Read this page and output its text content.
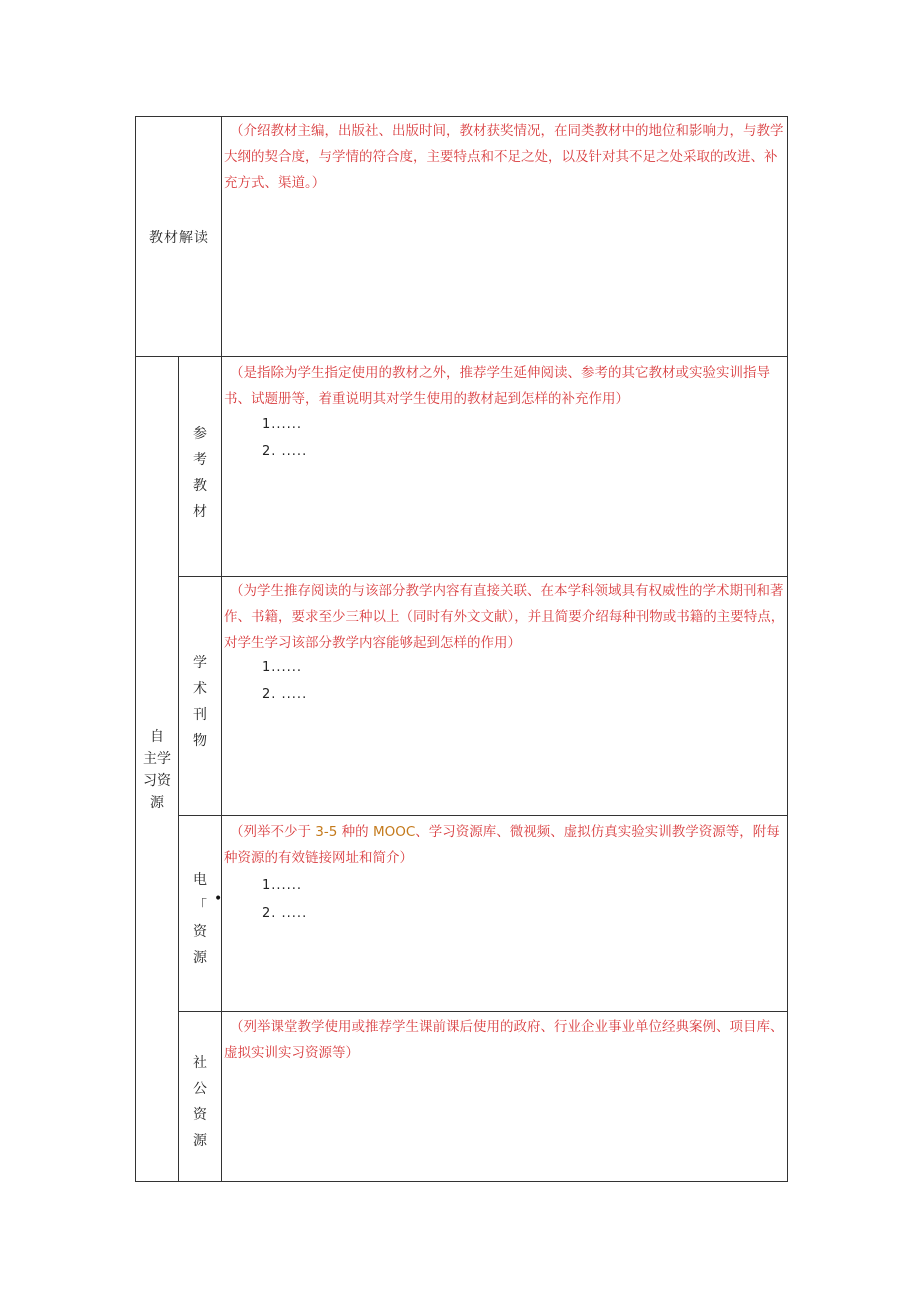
教材解读
（介绍教材主编，出版社、出版时间，教材获奖情况，在同类教材中的地位和影响力，与教学大纲的契合度，与学情的符合度，主要特点和不足之处，以及针对其不足之处采取的改进、补充方式、渠道。）
自
主学
习资
源
参
考
教
材
（是指除为学生指定使用的教材之外，推荐学生延伸阅读、参考的其它教材或实验实训指导书、试题册等，着重说明其对学生使用的教材起到怎样的补充作用）
1......
2. .....
学
术
刊
物
（为学生推存阅读的与该部分教学内容有直接关联、在本学科领域具有权威性的学术期刊和著作、书籍，要求至少三种以上（同时有外文文献），并且简要介绍每种刊物或书籍的主要特点，对学生学习该部分教学内容能够起到怎样的作用）
1......
2. .....
电
「
资
源
•
（列举不少于 3-5 种的 MOOC、学习资源库、微视频、虚拟仿真实验实训教学资源等，附每种资源的有效链接网址和简介）
1......
2. .....
社
公
资
源
（列举课堂教学使用或推荐学生课前课后使用的政府、行业企业事业单位经典案例、项目库、虚拟实训实习资源等）
